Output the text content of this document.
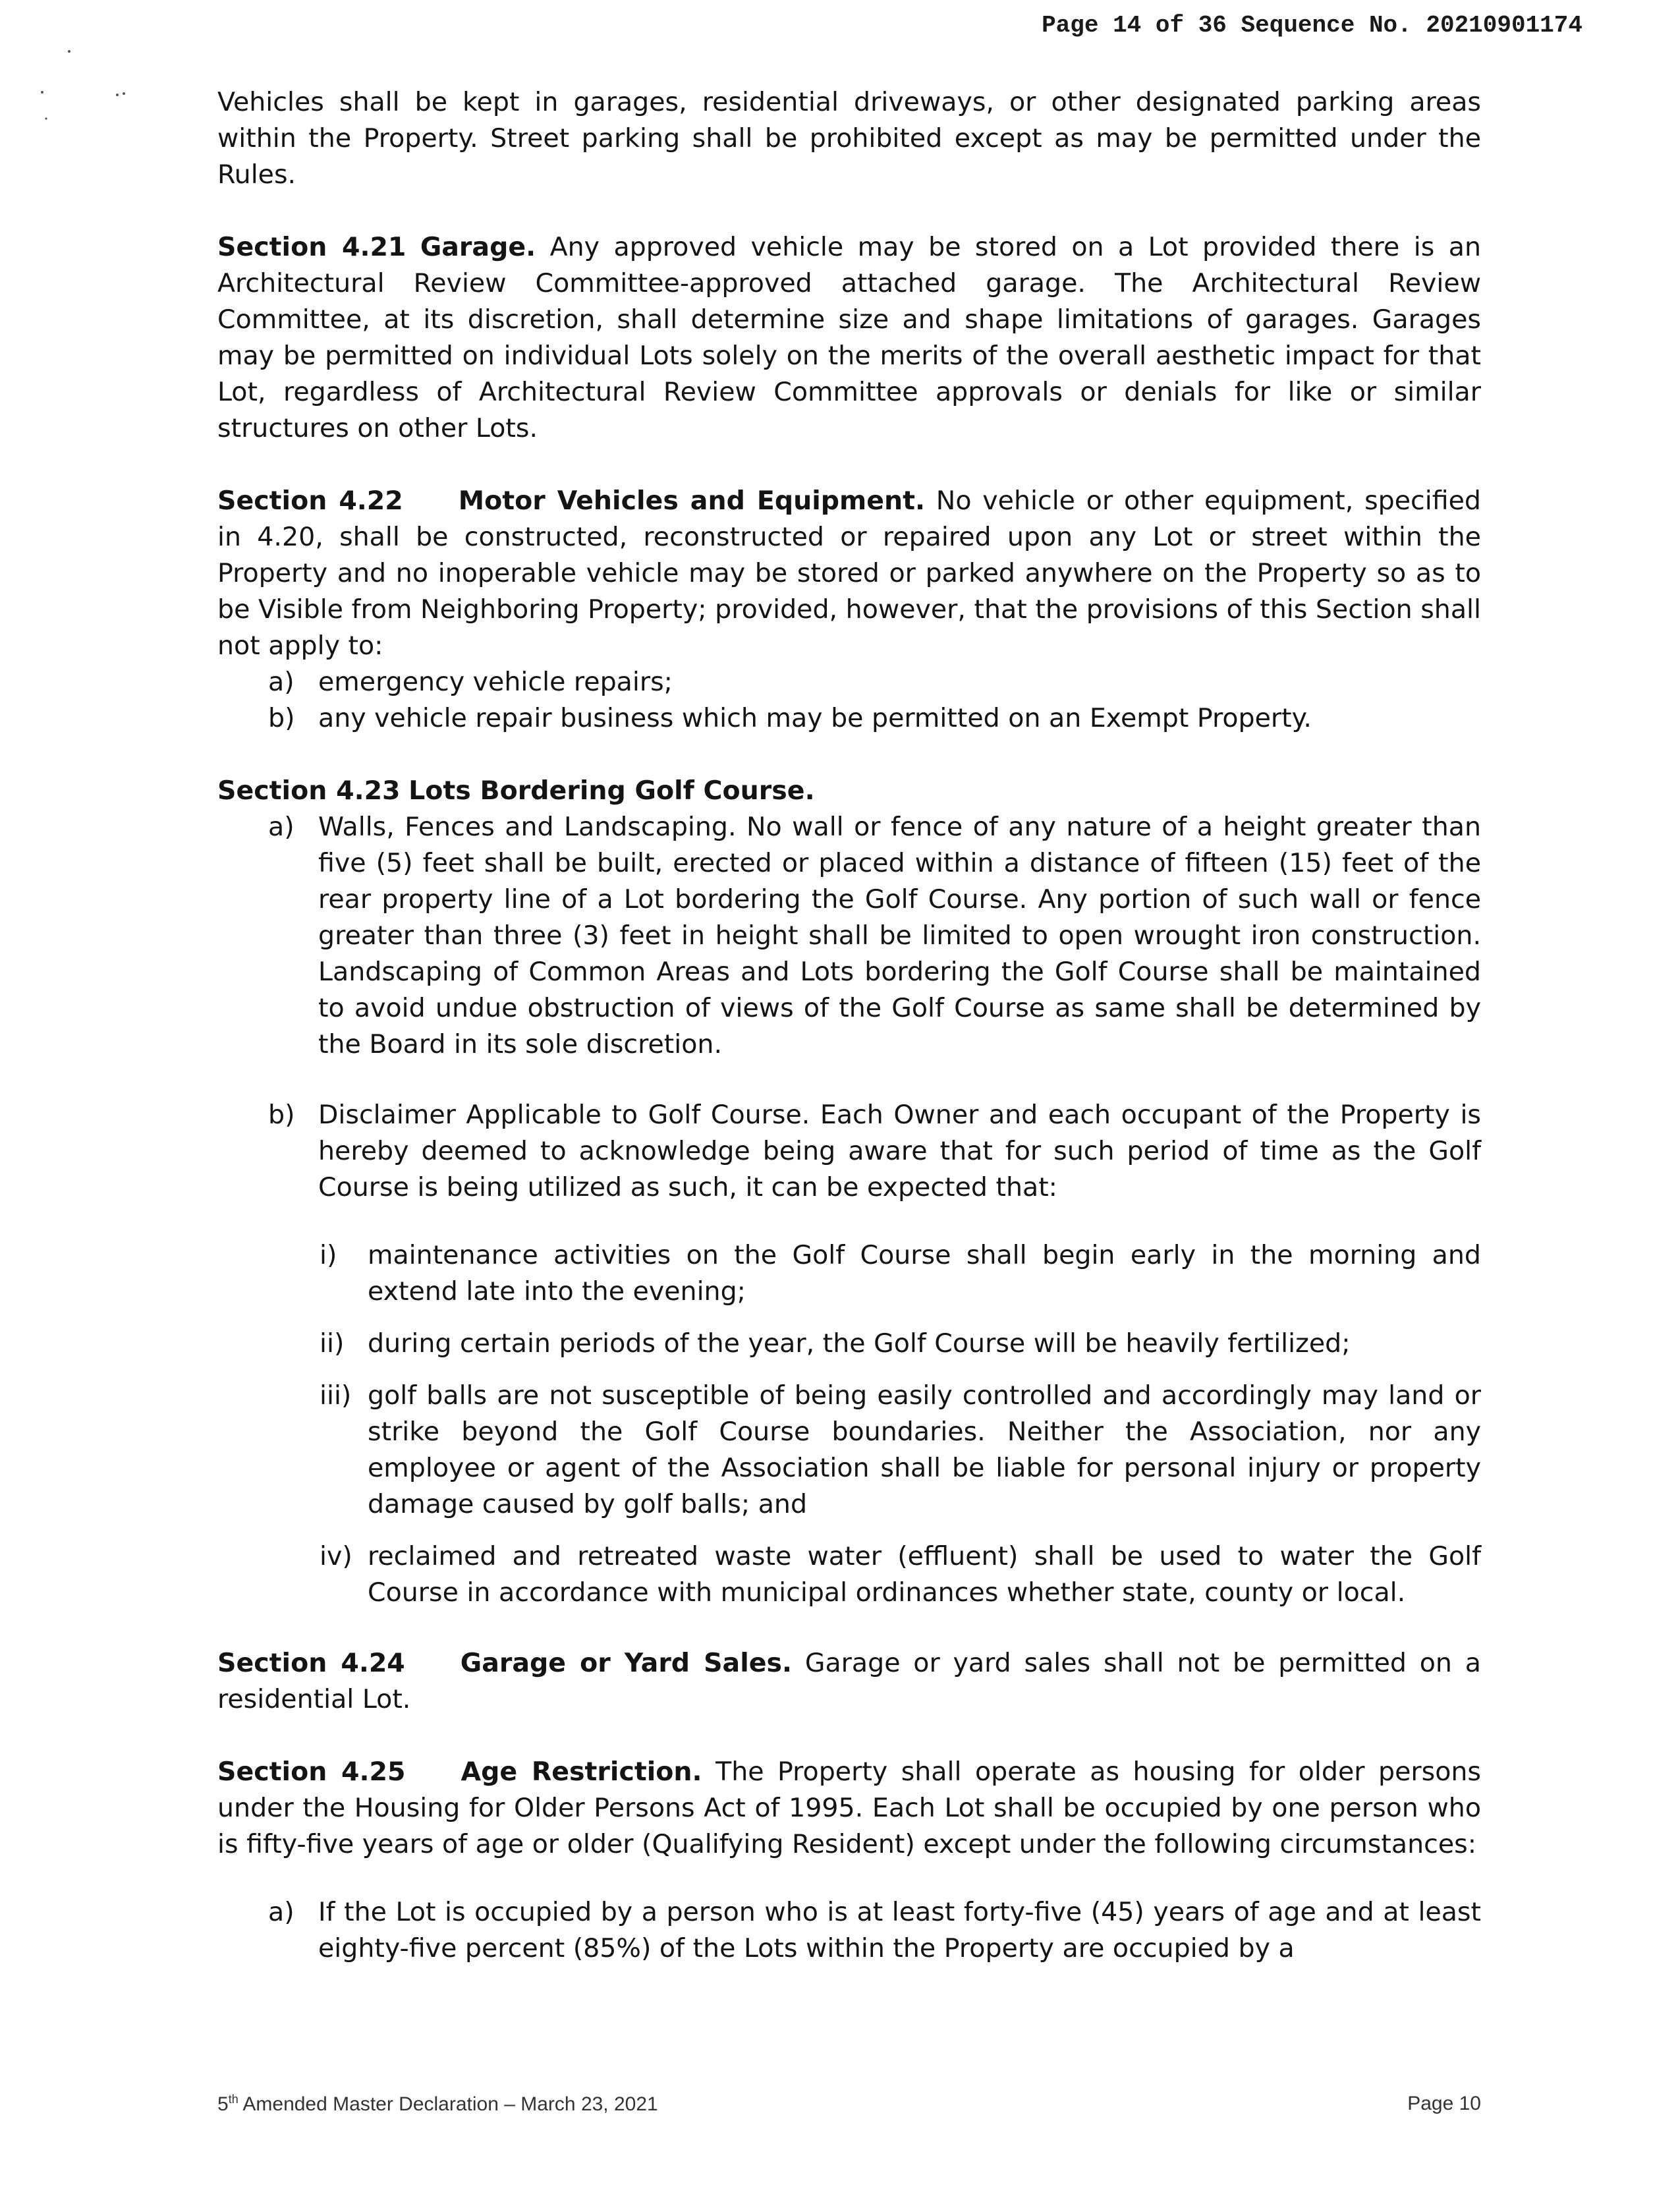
Page 14 of 36 Sequence No. 20210901174

Vehicles shall be kept in garages, residential driveways, or other designated parking areas within the Property. Street parking shall be prohibited except as may be permitted under the Rules.

Section 4.21 Garage. Any approved vehicle may be stored on a Lot provided there is an Architectural Review Committee-approved attached garage. The Architectural Review Committee, at its discretion, shall determine size and shape limitations of garages. Garages may be permitted on individual Lots solely on the merits of the overall aesthetic impact for that Lot, regardless of Architectural Review Committee approvals or denials for like or similar structures on other Lots.

Section 4.22 Motor Vehicles and Equipment. No vehicle or other equipment, specified in 4.20, shall be constructed, reconstructed or repaired upon any Lot or street within the Property and no inoperable vehicle may be stored or parked anywhere on the Property so as to be Visible from Neighboring Property; provided, however, that the provisions of this Section shall not apply to:

a) emergency vehicle repairs;
b) any vehicle repair business which may be permitted on an Exempt Property.

Section 4.23 Lots Bordering Golf Course.

a) Walls, Fences and Landscaping. No wall or fence of any nature of a height greater than five (5) feet shall be built, erected or placed within a distance of fifteen (15) feet of the rear property line of a Lot bordering the Golf Course. Any portion of such wall or fence greater than three (3) feet in height shall be limited to open wrought iron construction. Landscaping of Common Areas and Lots bordering the Golf Course shall be maintained to avoid undue obstruction of views of the Golf Course as same shall be determined by the Board in its sole discretion.
b) Disclaimer Applicable to Golf Course. Each Owner and each occupant of the Property is hereby deemed to acknowledge being aware that for such period of time as the Golf Course is being utilized as such, it can be expected that:
i) maintenance activities on the Golf Course shall begin early in the morning and extend late into the evening;
ii) during certain periods of the year, the Golf Course will be heavily fertilized;
iii) golf balls are not susceptible of being easily controlled and accordingly may land or strike beyond the Golf Course boundaries. Neither the Association, nor any employee or agent of the Association shall be liable for personal injury or property damage caused by golf balls; and
iv) reclaimed and retreated waste water (effluent) shall be used to water the Golf Course in accordance with municipal ordinances whether state, county or local.

Section 4.24 Garage or Yard Sales. Garage or yard sales shall not be permitted on a residential Lot.

Section 4.25 Age Restriction. The Property shall operate as housing for older persons under the Housing for Older Persons Act of 1995. Each Lot shall be occupied by one person who is fifty-five years of age or older (Qualifying Resident) except under the following circumstances:

a) If the Lot is occupied by a person who is at least forty-five (45) years of age and at least eighty-five percent (85%) of the Lots within the Property are occupied by a
5th Amended Master Declaration – March 23, 2021	Page 10
